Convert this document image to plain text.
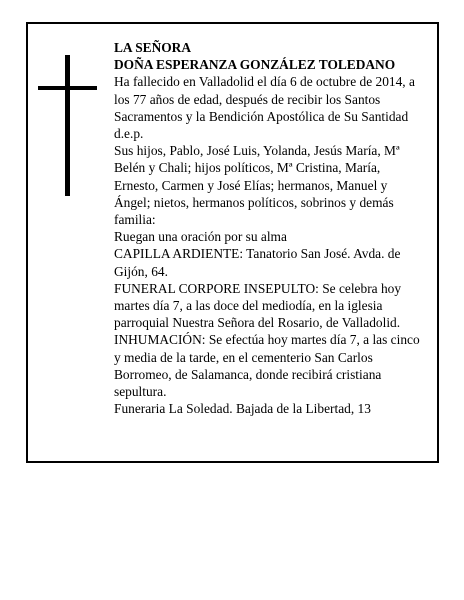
LA SEÑORA

DOÑA ESPERANZA GONZÁLEZ TOLEDANO

Ha fallecido en Valladolid el día 6 de octubre de 2014, a los 77 años de edad, después de recibir los Santos Sacramentos y la Bendición Apostólica de Su Santidad d.e.p.

Sus hijos, Pablo, José Luis, Yolanda, Jesús María, Mª Belén y Chali; hijos políticos, Mª Cristina, María, Ernesto, Carmen y José Elías; hermanos, Manuel y Ángel; nietos, hermanos políticos, sobrinos y demás familia:

Ruegan una oración por su alma

CAPILLA ARDIENTE: Tanatorio San José. Avda. de Gijón, 64.

FUNERAL CORPORE INSEPULTO: Se celebra hoy martes día 7, a las doce del mediodía, en la iglesia parroquial Nuestra Señora del Rosario, de Valladolid.

INHUMACIÓN: Se efectúa hoy martes día 7, a las cinco y media de la tarde, en el cementerio San Carlos Borromeo, de Salamanca, donde recibirá cristiana sepultura.

Funeraria La Soledad. Bajada de la Libertad, 13
